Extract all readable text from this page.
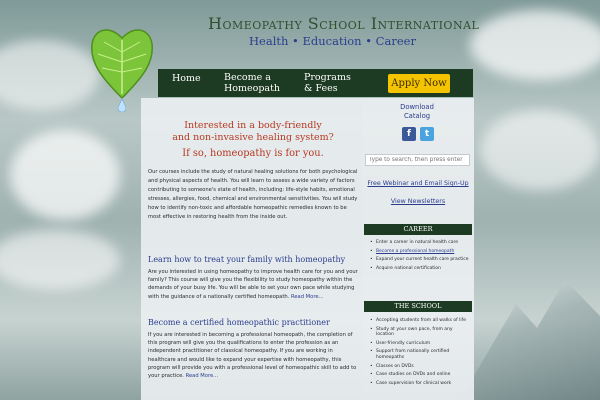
Homeopathy School International
Health • Education • Career
Home Become a
Homeopath
Programs
& Fees	Apply Now
Interested in a body-friendly
and non-invasive healing system?
If so, homeopathy is for you.
Our courses include the study of natural healing solutions for both psychological and physical aspects of health. You will learn to assess a wide variety of factors contributing to someone's state of health, including: life-style habits, emotional stresses, allergies, food, chemical and environmental sensitivities. You will study how to identify non-toxic and affordable homeopathic remedies known to be most effective in restoring health from the inside out.
Learn how to treat your family with homeopathy
Are you interested in using homeopathy to improve health care for you and your family? This course will give you the flexibility to study homeopathy within the demands of your busy life. You will be able to set your own pace while studying with the guidance of a nationally certified homeopath. Read More...
Become a certified homeopathic practitioner
If you are interested in becoming a professional homeopath, the completion of this program will give you the qualifications to enter the profession as an independent practitioner of classical homeopathy. If you are working in healthcare and would like to expand your expertise with homeopathy, this program will provide you with a professional level of homeopathic skill to add to your practice. Read More...
Download
Catalog
f	t
Type to search, then press enter
Free Webinar and Email Sign-Up
View Newsletters
CAREER
• Enter a career in natural health care
• Become a professional homeopath
• Expand your current health care practice
• Acquire national certification
THE SCHOOL
• Accepting students from all walks of life
• Study at your own pace, from any location
• User-friendly curriculum
• Support from nationally certified homeopaths
• Classes on DVDs
• Case studies on DVDs and online
• Case supervision for clinical work
